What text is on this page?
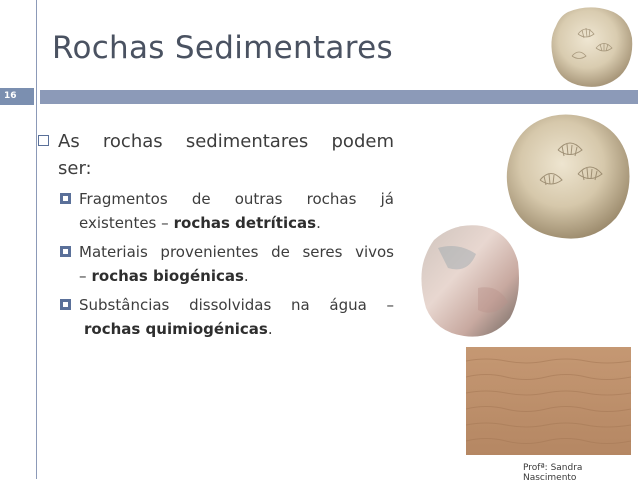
Rochas Sedimentares
16
As rochas sedimentares podem
ser:
Fragmentos de outras rochas já
existentes – rochas detríticas.
Materiais provenientes de seres vivos
– rochas biogénicas.
Substâncias dissolvidas na água –
rochas quimiogénicas.
Profª: Sandra Nascimento
